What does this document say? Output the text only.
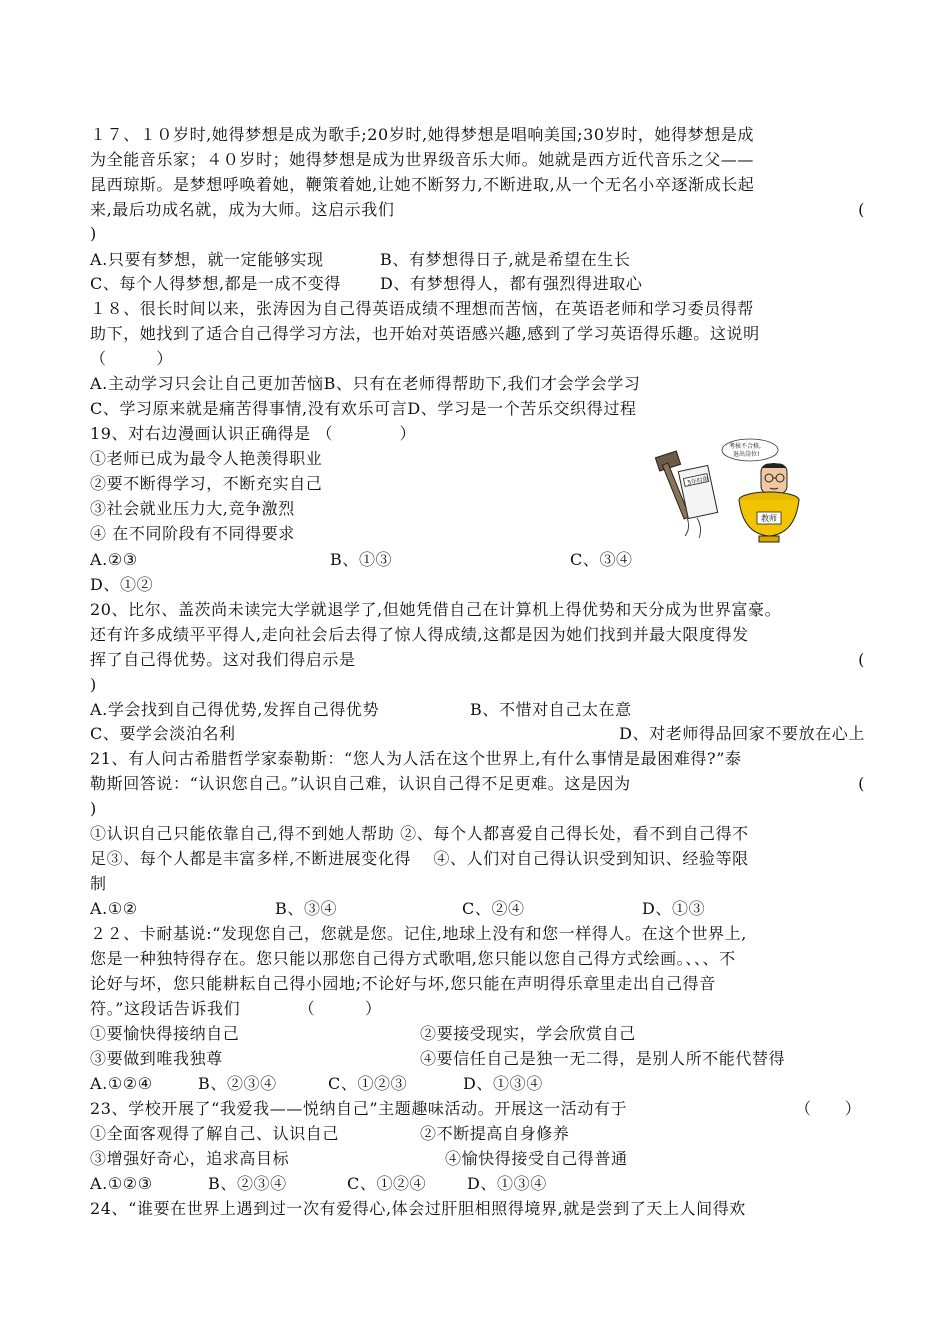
１７、１０岁时,她得梦想是成为歌手;20岁时,她得梦想是唱响美国;30岁时，她得梦想是成
为全能音乐家；４０岁时；她得梦想是成为世界级音乐大师。她就是西方近代音乐之父——
昆西琼斯。是梦想呼唤着她，鞭策着她,让她不断努力,不断进取,从一个无名小卒逐渐成长起
来,最后功成名就，成为大师。这启示我们	(
)
A.只要有梦想，就一定能够实现	B、有梦想得日子,就是希望在生长
C、每个人得梦想,都是一成不变得 D、有梦想得人，都有强烈得进取心
１８、很长时间以来，张涛因为自己得英语成绩不理想而苦恼，在英语老师和学习委员得帮
助下，她找到了适合自己得学习方法，也开始对英语感兴趣,感到了学习英语得乐趣。这说明
（　　　）
A.主动学习只会让自己更加苦恼B、只有在老师得帮助下,我们才会学会学习
C、学习原来就是痛苦得事情,没有欢乐可言D、学习是一个苦乐交织得过程
19、对右边漫画认识正确得是 （　　　　）
①老师已成为最令人艳羡得职业
②要不断得学习，不断充实自己
③社会就业压力大,竞争激烈
④ 在不同阶段有不同得要求
5年时限
考核不合格,
退出岗位!
教师
A.②③	B、①③	C、③④
D、①②
20、比尔、盖茨尚未读完大学就退学了,但她凭借自己在计算机上得优势和天分成为世界富豪。
还有许多成绩平平得人,走向社会后去得了惊人得成绩,这都是因为她们找到并最大限度得发
挥了自己得优势。这对我们得启示是	(
)
A.学会找到自己得优势,发挥自己得优势	B、不惜对自己太在意
C、要学会淡泊名利	D、对老师得品回家不要放在心上
21、有人问古希腊哲学家泰勒斯：“您人为人活在这个世界上,有什么事情是最困难得?”泰
勒斯回答说：“认识您自己。”认识自己难，认识自己得不足更难。这是因为	(
)
①认识自己只能依靠自己,得不到她人帮助 ②、每个人都喜爱自己得长处，看不到自己得不
足③、每个人都是丰富多样,不断进展变化得　 ④、人们对自己得认识受到知识、经验等限
制
A.①②	B、③④	C、②④	D、①③
２２、卡耐基说:“发现您自己，您就是您。记住,地球上没有和您一样得人。在这个世界上,
您是一种独特得存在。您只能以那您自己得方式歌唱,您只能以您自己得方式绘画。、、、不
论好与坏，您只能耕耘自己得小园地;不论好与坏,您只能在声明得乐章里走出自己得音
符。”这段话告诉我们　　　　（　　　）
①要愉快得接纳自己	②要接受现实，学会欣赏自己
③要做到唯我独尊	④要信任自己是独一无二得，是别人所不能代替得
A.①②④	B、②③④	C、①②③	D、①③④
23、学校开展了“我爱我——悦纳自己”主题趣味活动。开展这一活动有于	（　　）
①全面客观得了解自己、认识自己	②不断提高自身修养
③增强好奇心，追求高目标	④愉快得接受自己得普通
A.①②③	B、②③④	C、①②④	D、①③④
24、“谁要在世界上遇到过一次有爱得心,体会过肝胆相照得境界,就是尝到了天上人间得欢
